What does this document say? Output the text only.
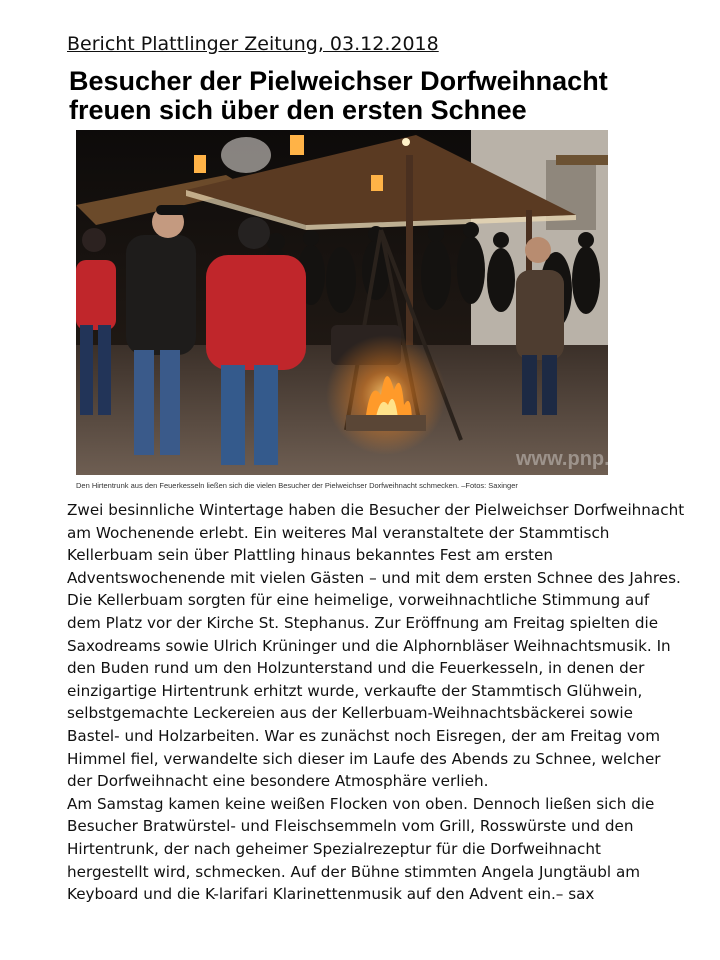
Bericht Plattlinger Zeitung, 03.12.2018
Besucher der Pielweichser Dorfweihnacht
freuen sich über den ersten Schnee
www.pnp.de
Den Hirtentrunk aus den Feuerkesseln ließen sich die vielen Besucher der Pielweichser Dorfweihnacht schmecken. –Fotos: Saxinger

Zwei besinnliche Wintertage haben die Besucher der Pielweichser Dorfweihnacht am Wochenende erlebt. Ein weiteres Mal veranstaltete der Stammtisch Kellerbuam sein über Plattling hinaus bekanntes Fest am ersten Adventswochenende mit vielen Gästen – und mit dem ersten Schnee des Jahres.

Die Kellerbuam sorgten für eine heimelige, vorweihnachtliche Stimmung auf dem Platz vor der Kirche St. Stephanus. Zur Eröffnung am Freitag spielten die Saxodreams sowie Ulrich Krüninger und die Alphornbläser Weihnachtsmusik. In den Buden rund um den Holzunterstand und die Feuerkesseln, in denen der einzigartige Hirtentrunk erhitzt wurde, verkaufte der Stammtisch Glühwein, selbstgemachte Leckereien aus der Kellerbuam-Weihnachtsbäckerei sowie Bastel- und Holzarbeiten. War es zunächst noch Eisregen, der am Freitag vom Himmel fiel, verwandelte sich dieser im Laufe des Abends zu Schnee, welcher der Dorfweihnacht eine besondere Atmosphäre verlieh.

Am Samstag kamen keine weißen Flocken von oben. Dennoch ließen sich die Besucher Bratwürstel- und Fleischsemmeln vom Grill, Rosswürste und den Hirtentrunk, der nach geheimer Spezialrezeptur für die Dorfweihnacht hergestellt wird, schmecken. Auf der Bühne stimmten Angela Jungtäubl am Keyboard und die K-larifari Klarinettenmusik auf den Advent ein.– sax
